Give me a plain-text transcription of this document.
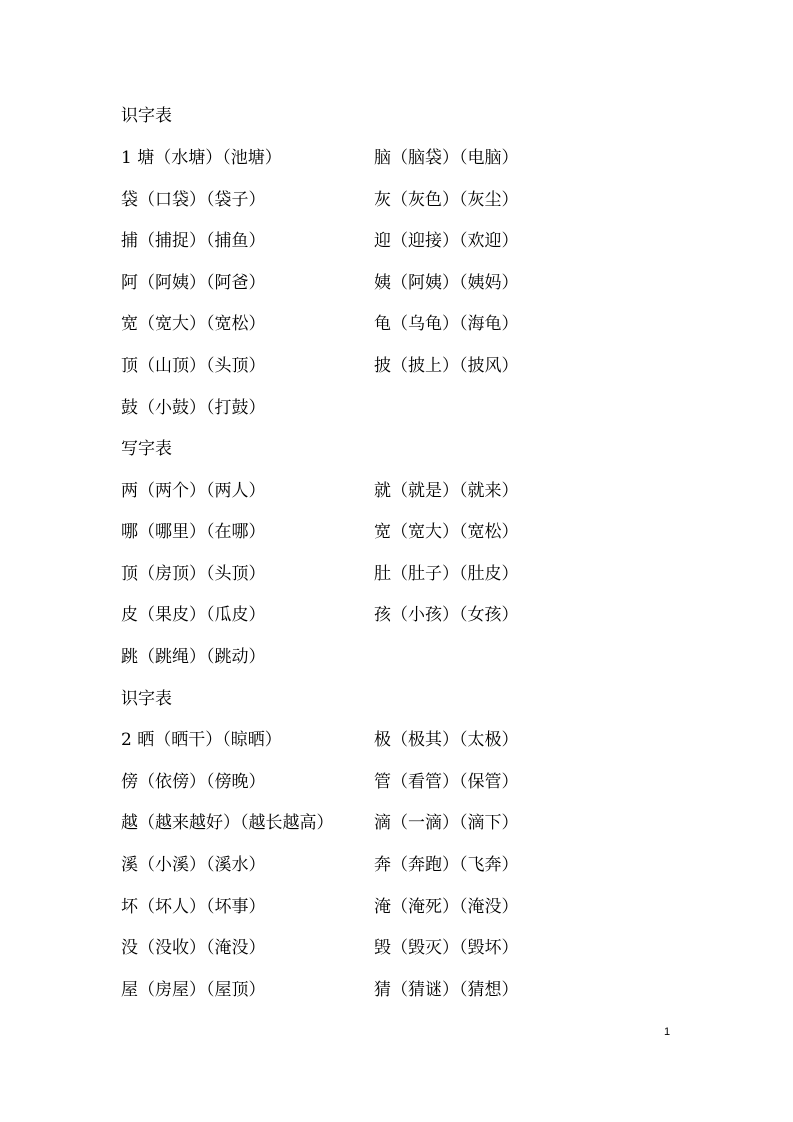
识字表
1 塘（水塘）（池塘）	脑（脑袋）（电脑）
袋（口袋）（袋子）	灰（灰色）（灰尘）
捕（捕捉）（捕鱼）	迎（迎接）（欢迎）
阿（阿姨）（阿爸）	姨（阿姨）（姨妈）
宽（宽大）（宽松）	龟（乌龟）（海龟）
顶（山顶）（头顶）	披（披上）（披风）
鼓（小鼓）（打鼓）
写字表
两（两个）（两人）	就（就是）（就来）
哪（哪里）（在哪）	宽（宽大）（宽松）
顶（房顶）（头顶）	肚（肚子）（肚皮）
皮（果皮）（瓜皮）	孩（小孩）（女孩）
跳（跳绳）（跳动）
识字表
2 晒（晒干）（晾晒）	极（极其）（太极）
傍（依傍）（傍晚）	管（看管）（保管）
越（越来越好）（越长越高） 滴（一滴）（滴下）
溪（小溪）（溪水）	奔（奔跑）（飞奔）
坏（坏人）（坏事）	淹（淹死）（淹没）
没（没收）（淹没）	毁（毁灭）（毁坏）
屋（房屋）（屋顶）	猜（猜谜）（猜想）
1
